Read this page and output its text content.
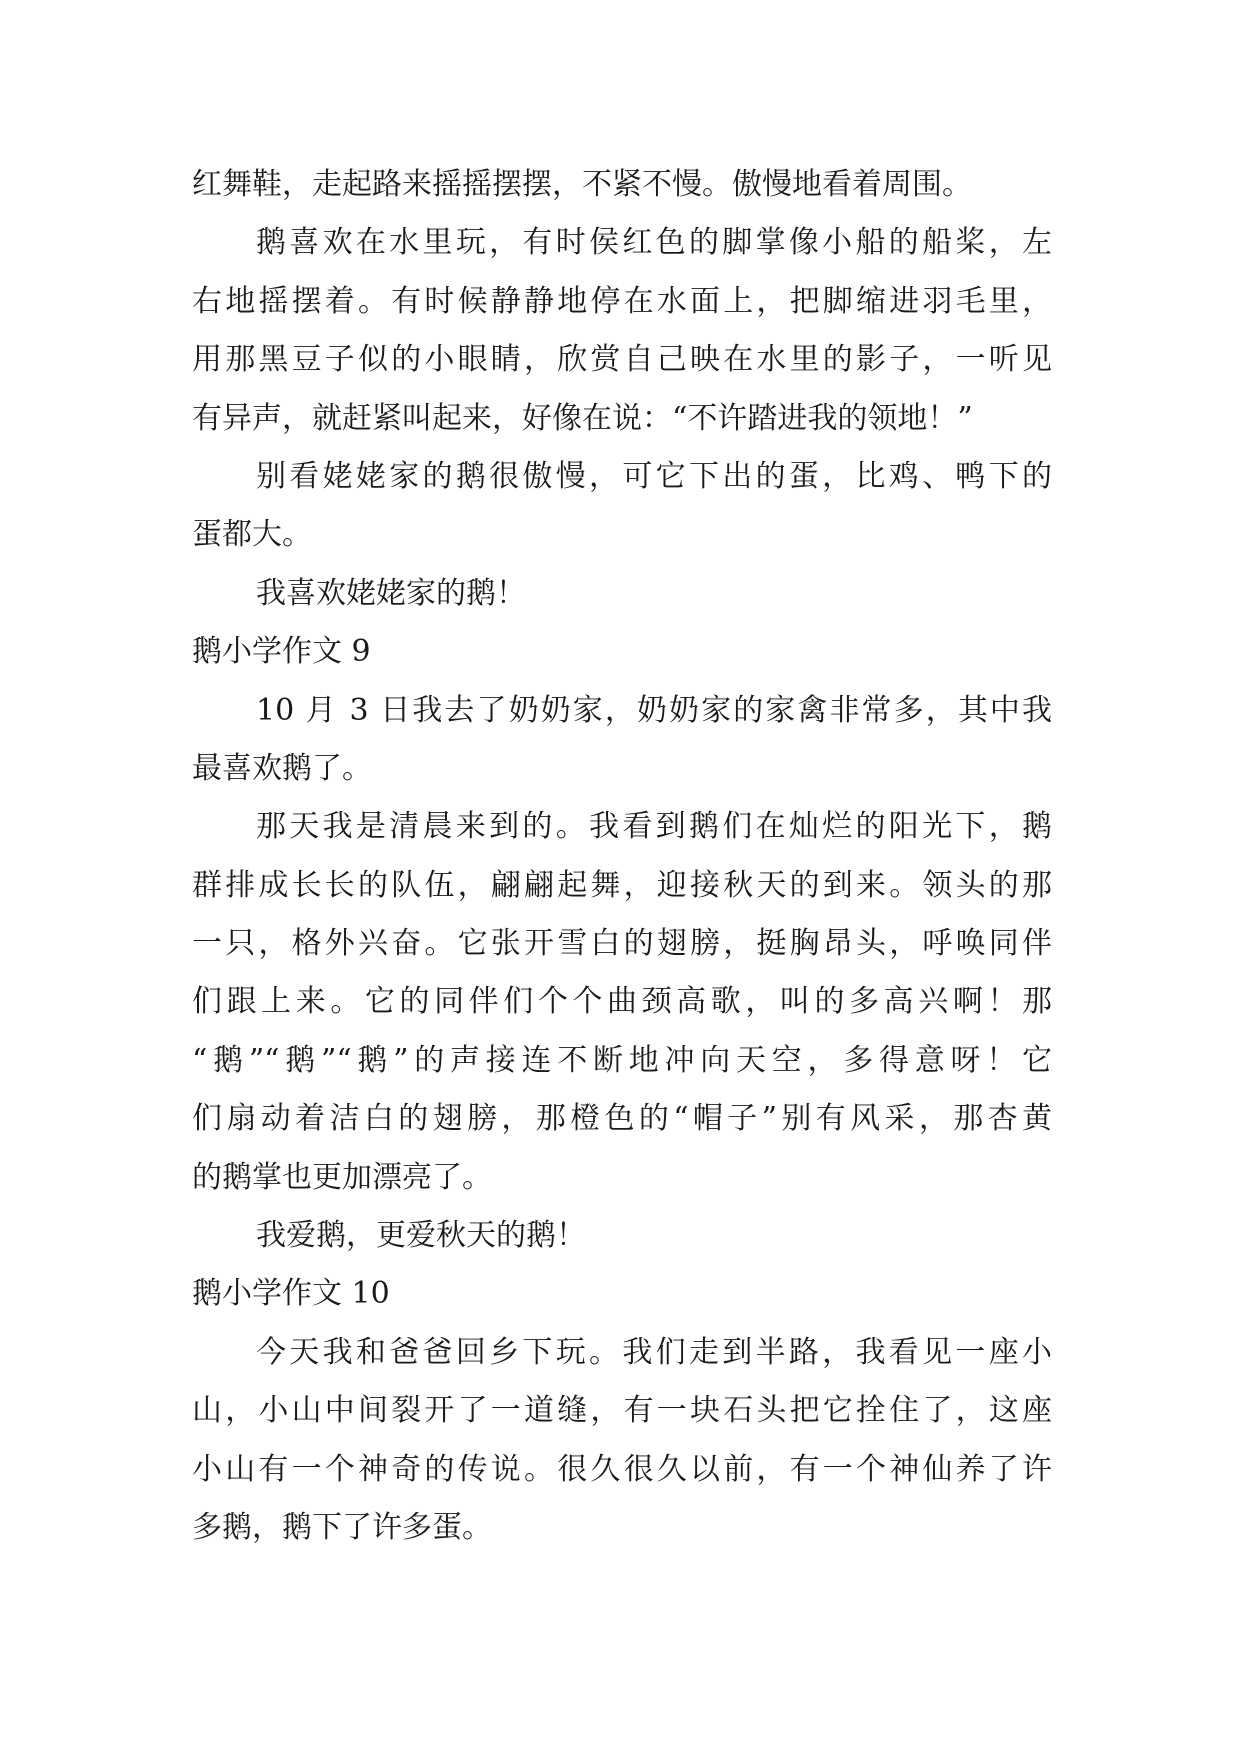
红舞鞋，走起路来摇摇摆摆，不紧不慢。傲慢地看着周围。
鹅喜欢在水里玩，有时侯红色的脚掌像小船的船桨，左
右地摇摆着。有时候静静地停在水面上，把脚缩进羽毛里，
用那黑豆子似的小眼睛，欣赏自己映在水里的影子，一听见
有异声，就赶紧叫起来，好像在说：“不许踏进我的领地！”
别看姥姥家的鹅很傲慢，可它下出的蛋，比鸡、鸭下的
蛋都大。
我喜欢姥姥家的鹅！
鹅小学作文 9
10 月 3 日我去了奶奶家，奶奶家的家禽非常多，其中我
最喜欢鹅了。
那天我是清晨来到的。我看到鹅们在灿烂的阳光下，鹅
群排成长长的队伍，翩翩起舞，迎接秋天的到来。领头的那
一只，格外兴奋。它张开雪白的翅膀，挺胸昂头，呼唤同伴
们跟上来。它的同伴们个个曲颈高歌，叫的多高兴啊！那
“鹅”“鹅”“鹅”的声接连不断地冲向天空，多得意呀！它
们扇动着洁白的翅膀，那橙色的“帽子”别有风采，那杏黄
的鹅掌也更加漂亮了。
我爱鹅，更爱秋天的鹅！
鹅小学作文 10
今天我和爸爸回乡下玩。我们走到半路，我看见一座小
山，小山中间裂开了一道缝，有一块石头把它拴住了，这座
小山有一个神奇的传说。很久很久以前，有一个神仙养了许
多鹅，鹅下了许多蛋。
